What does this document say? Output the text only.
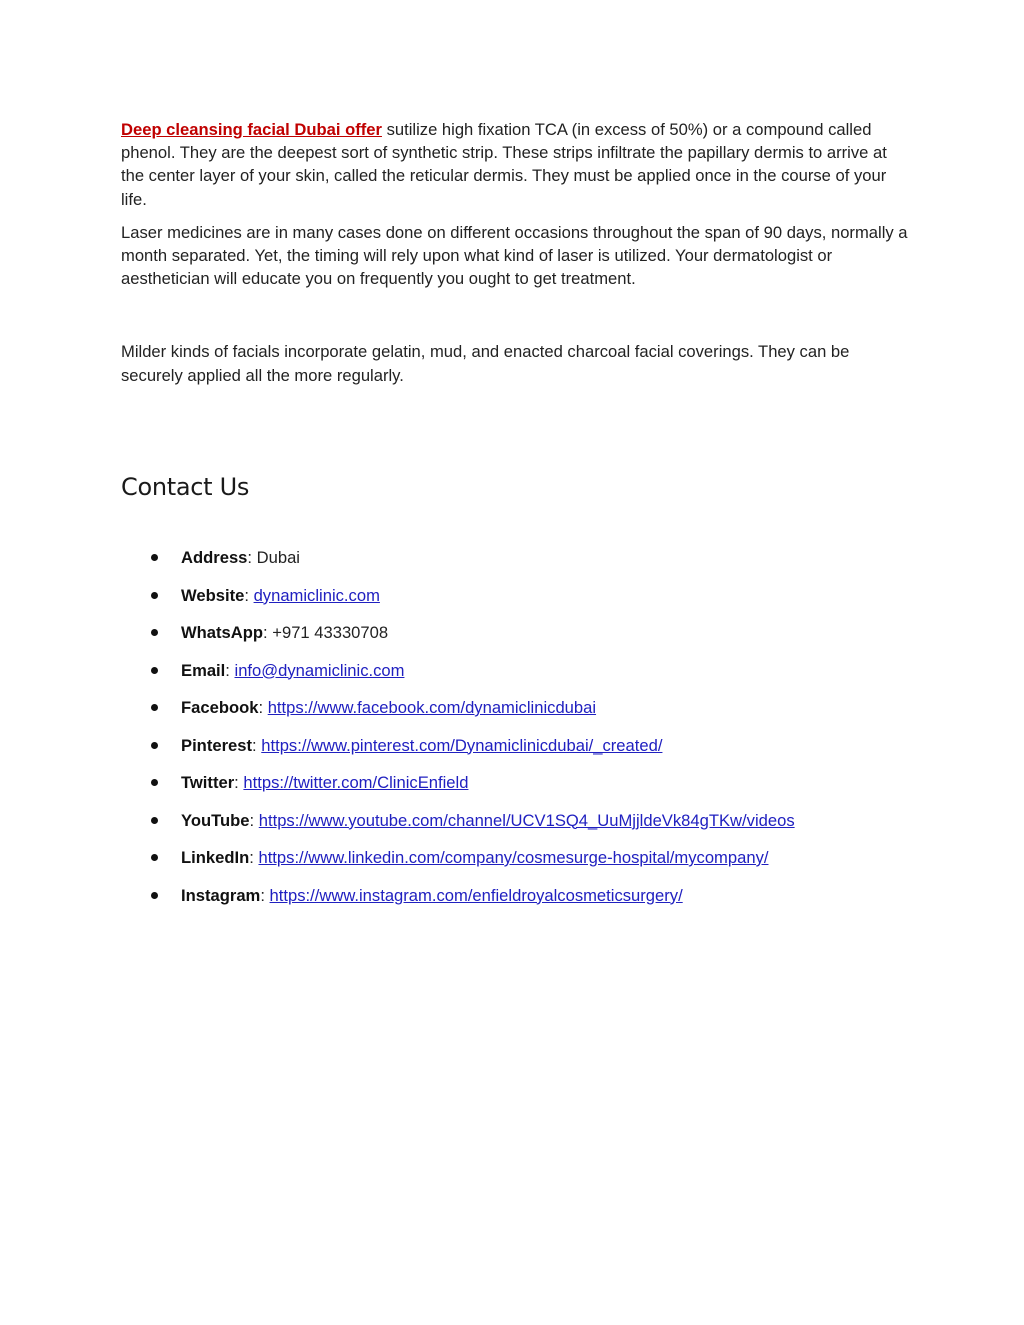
Deep cleansing facial Dubai offer sutilize high fixation TCA (in excess of 50%) or a compound called phenol. They are the deepest sort of synthetic strip. These strips infiltrate the papillary dermis to arrive at the center layer of your skin, called the reticular dermis. They must be applied once in the course of your life.

Laser medicines are in many cases done on different occasions throughout the span of 90 days, normally a month separated. Yet, the timing will rely upon what kind of laser is utilized. Your dermatologist or aesthetician will educate you on frequently you ought to get treatment.

Milder kinds of facials incorporate gelatin, mud, and enacted charcoal facial coverings. They can be securely applied all the more regularly.

Contact Us
Address: Dubai
Website: dynamiclinic.com
WhatsApp: +971 43330708
Email: info@dynamiclinic.com
Facebook: https://www.facebook.com/dynamiclinicdubai
Pinterest: https://www.pinterest.com/Dynamiclinicdubai/_created/
Twitter: https://twitter.com/ClinicEnfield
YouTube: https://www.youtube.com/channel/UCV1SQ4_UuMjjldeVk84gTKw/videos
LinkedIn: https://www.linkedin.com/company/cosmesurge-hospital/mycompany/
Instagram: https://www.instagram.com/enfieldroyalcosmeticsurgery/
